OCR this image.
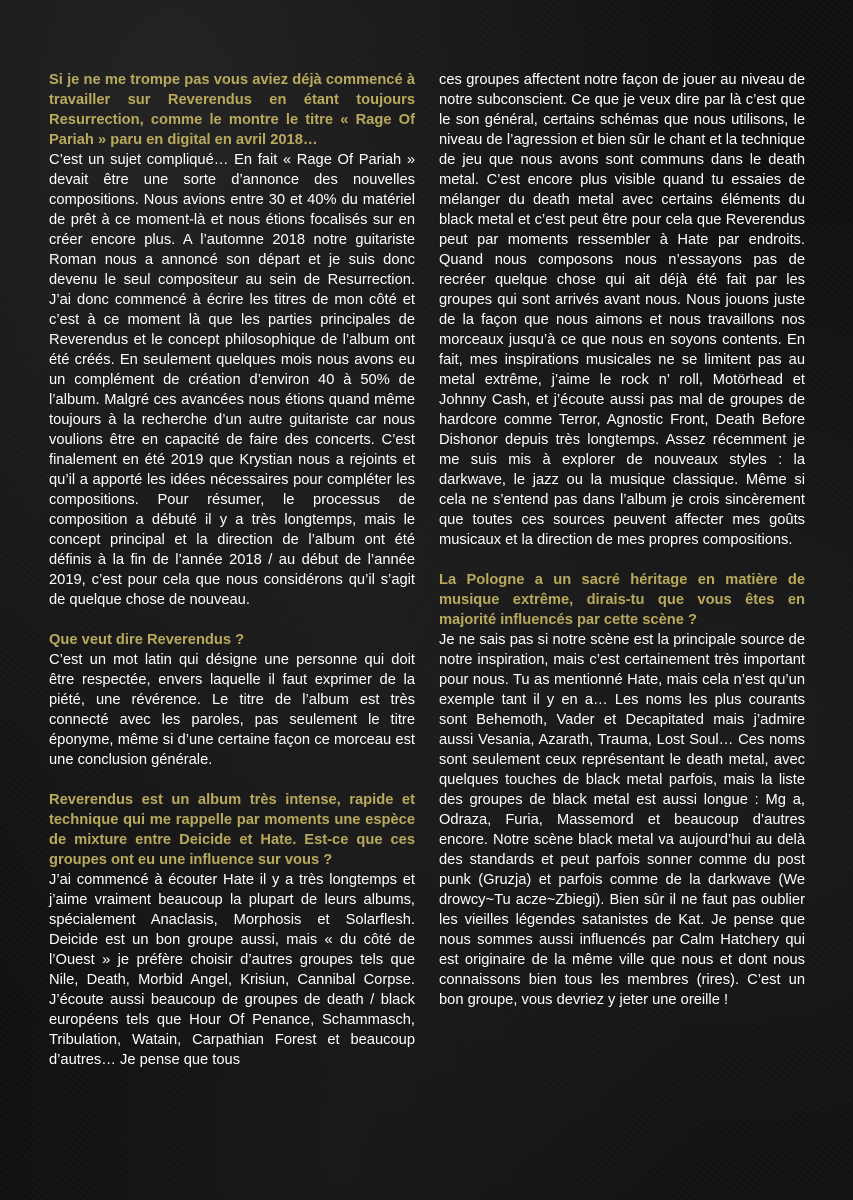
Si je ne me trompe pas vous aviez déjà commencé à travailler sur Reverendus en étant toujours Resurrection, comme le montre le titre « Rage Of Pariah » paru en digital en avril 2018…

C’est un sujet compliqué… En fait « Rage Of Pariah » devait être une sorte d’annonce des nouvelles compositions. Nous avions entre 30 et 40% du matériel de prêt à ce moment-là et nous étions focalisés sur en créer encore plus. A l’automne 2018 notre guitariste Roman nous a annoncé son départ et je suis donc devenu le seul compositeur au sein de Resurrection. J’ai donc commencé à écrire les titres de mon côté et c’est à ce moment là que les parties principales de Reverendus et le concept philosophique de l’album ont été créés. En seulement quelques mois nous avons eu un complément de création d’environ 40 à 50% de l’album. Malgré ces avancées nous étions quand même toujours à la recherche d’un autre guitariste car nous voulions être en capacité de faire des concerts. C’est finalement en été 2019 que Krystian nous a rejoints et qu’il a apporté les idées nécessaires pour compléter les compositions. Pour résumer, le processus de composition a débuté il y a très longtemps, mais le concept principal et la direction de l’album ont été définis à la fin de l’année 2018 / au début de l’année 2019, c’est pour cela que nous considérons qu’il s’agit de quelque chose de nouveau.

Que veut dire Reverendus ?

C’est un mot latin qui désigne une personne qui doit être respectée, envers laquelle il faut exprimer de la piété, une révérence. Le titre de l’album est très connecté avec les paroles, pas seulement le titre éponyme, même si d’une certaine façon ce morceau est une conclusion générale.

Reverendus est un album très intense, rapide et technique qui me rappelle par moments une espèce de mixture entre Deicide et Hate. Est-ce que ces groupes ont eu une influence sur vous ?

J’ai commencé à écouter Hate il y a très longtemps et j’aime vraiment beaucoup la plupart de leurs albums, spécialement Anaclasis, Morphosis et Solarflesh. Deicide est un bon groupe aussi, mais « du côté de l’Ouest » je préfère choisir d’autres groupes tels que Nile, Death, Morbid Angel, Krisiun, Cannibal Corpse. J’écoute aussi beaucoup de groupes de death / black européens tels que Hour Of Penance, Schammasch, Tribulation, Watain, Carpathian Forest et beaucoup d’autres… Je pense que tous

ces groupes affectent notre façon de jouer au niveau de notre subconscient. Ce que je veux dire par là c’est que le son général, certains schémas que nous utilisons, le niveau de l’agression et bien sûr le chant et la technique de jeu que nous avons sont communs dans le death metal. C’est encore plus visible quand tu essaies de mélanger du death metal avec certains éléments du black metal et c’est peut être pour cela que Reverendus peut par moments ressembler à Hate par endroits. Quand nous composons nous n’essayons pas de recréer quelque chose qui ait déjà été fait par les groupes qui sont arrivés avant nous. Nous jouons juste de la façon que nous aimons et nous travaillons nos morceaux jusqu’à ce que nous en soyons contents. En fait, mes inspirations musicales ne se limitent pas au metal extrême, j’aime le rock n’ roll, Motörhead et Johnny Cash, et j’écoute aussi pas mal de groupes de hardcore comme Terror, Agnostic Front, Death Before Dishonor depuis très longtemps. Assez récemment je me suis mis à explorer de nouveaux styles : la darkwave, le jazz ou la musique classique. Même si cela ne s’entend pas dans l’album je crois sincèrement que toutes ces sources peuvent affecter mes goûts musicaux et la direction de mes propres compositions.

La Pologne a un sacré héritage en matière de musique extrême, dirais-tu que vous êtes en majorité influencés par cette scène ?

Je ne sais pas si notre scène est la principale source de notre inspiration, mais c’est certainement très important pour nous. Tu as mentionné Hate, mais cela n’est qu’un exemple tant il y en a… Les noms les plus courants sont Behemoth, Vader et Decapitated mais j’admire aussi Vesania, Azarath, Trauma, Lost Soul… Ces noms sont seulement ceux représentant le death metal, avec quelques touches de black metal parfois, mais la liste des groupes de black metal est aussi longue : Mg a, Odraza, Furia, Massemord et beaucoup d’autres encore. Notre scène black metal va aujourd’hui au delà des standards et peut parfois sonner comme du post punk (Gruzja) et parfois comme de la darkwave (We drowcy~Tu acze~Zbiegi). Bien sûr il ne faut pas oublier les vieilles légendes satanistes de Kat. Je pense que nous sommes aussi influencés par Calm Hatchery qui est originaire de la même ville que nous et dont nous connaissons bien tous les membres (rires). C’est un bon groupe, vous devriez y jeter une oreille !
